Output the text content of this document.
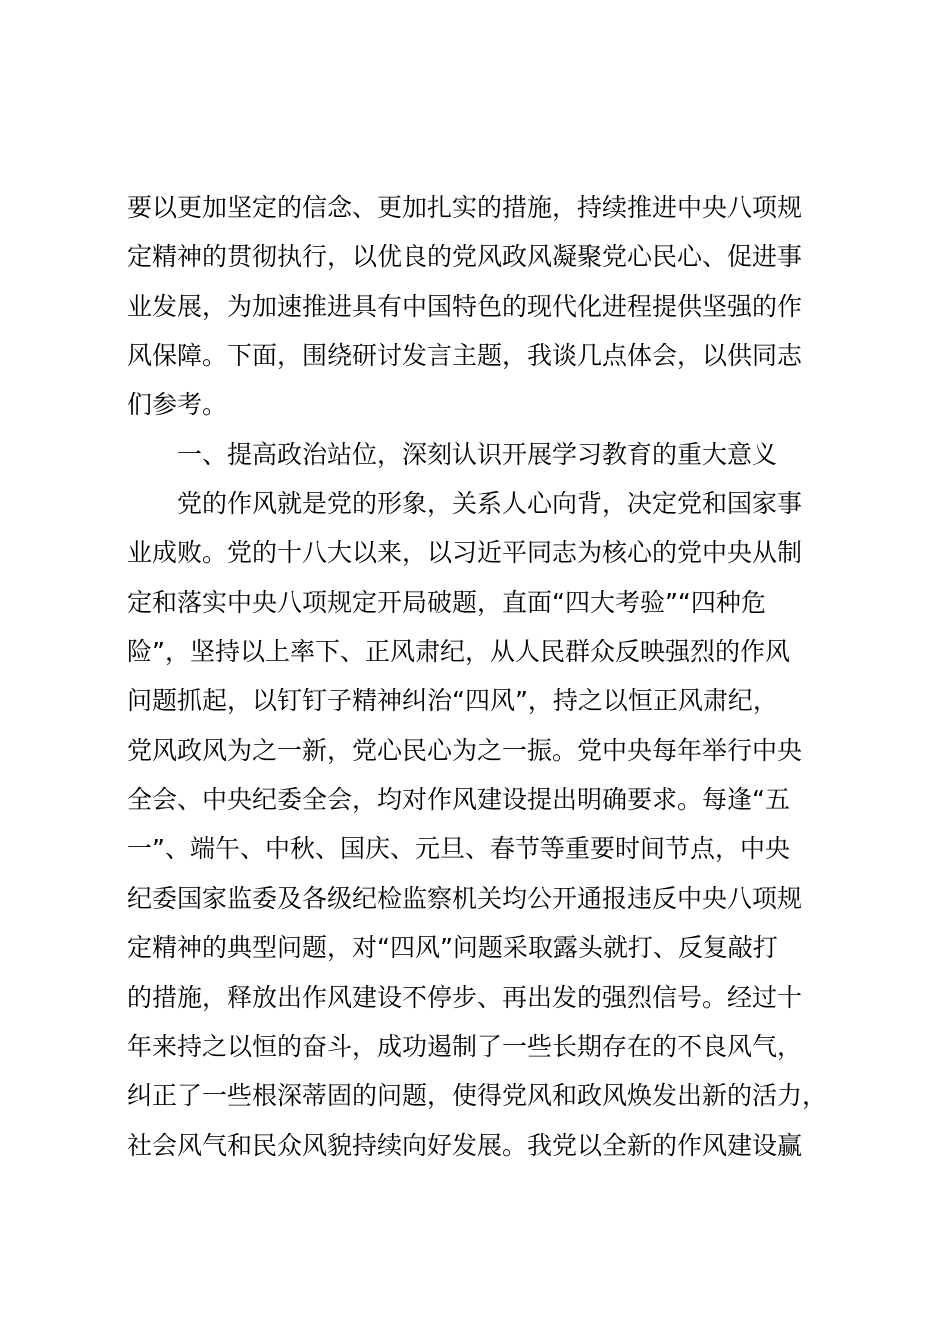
要以更加坚定的信念、更加扎实的措施，持续推进中央八项规
定精神的贯彻执行，以优良的党风政风凝聚党心民心、促进事
业发展，为加速推进具有中国特色的现代化进程提供坚强的作
风保障。下面，围绕研讨发言主题，我谈几点体会，以供同志
们参考。
一、提高政治站位，深刻认识开展学习教育的重大意义
党的作风就是党的形象，关系人心向背，决定党和国家事
业成败。党的十八大以来，以习近平同志为核心的党中央从制
定和落实中央八项规定开局破题，直面“四大考验”“四种危
险”，坚持以上率下、正风肃纪，从人民群众反映强烈的作风
问题抓起，以钉钉子精神纠治“四风”，持之以恒正风肃纪，
党风政风为之一新，党心民心为之一振。党中央每年举行中央
全会、中央纪委全会，均对作风建设提出明确要求。每逢“五
一”、端午、中秋、国庆、元旦、春节等重要时间节点，中央
纪委国家监委及各级纪检监察机关均公开通报违反中央八项规
定精神的典型问题，对“四风”问题采取露头就打、反复敲打
的措施，释放出作风建设不停步、再出发的强烈信号。经过十
年来持之以恒的奋斗，成功遏制了一些长期存在的不良风气，
纠正了一些根深蒂固的问题，使得党风和政风焕发出新的活力，
社会风气和民众风貌持续向好发展。我党以全新的作风建设赢
